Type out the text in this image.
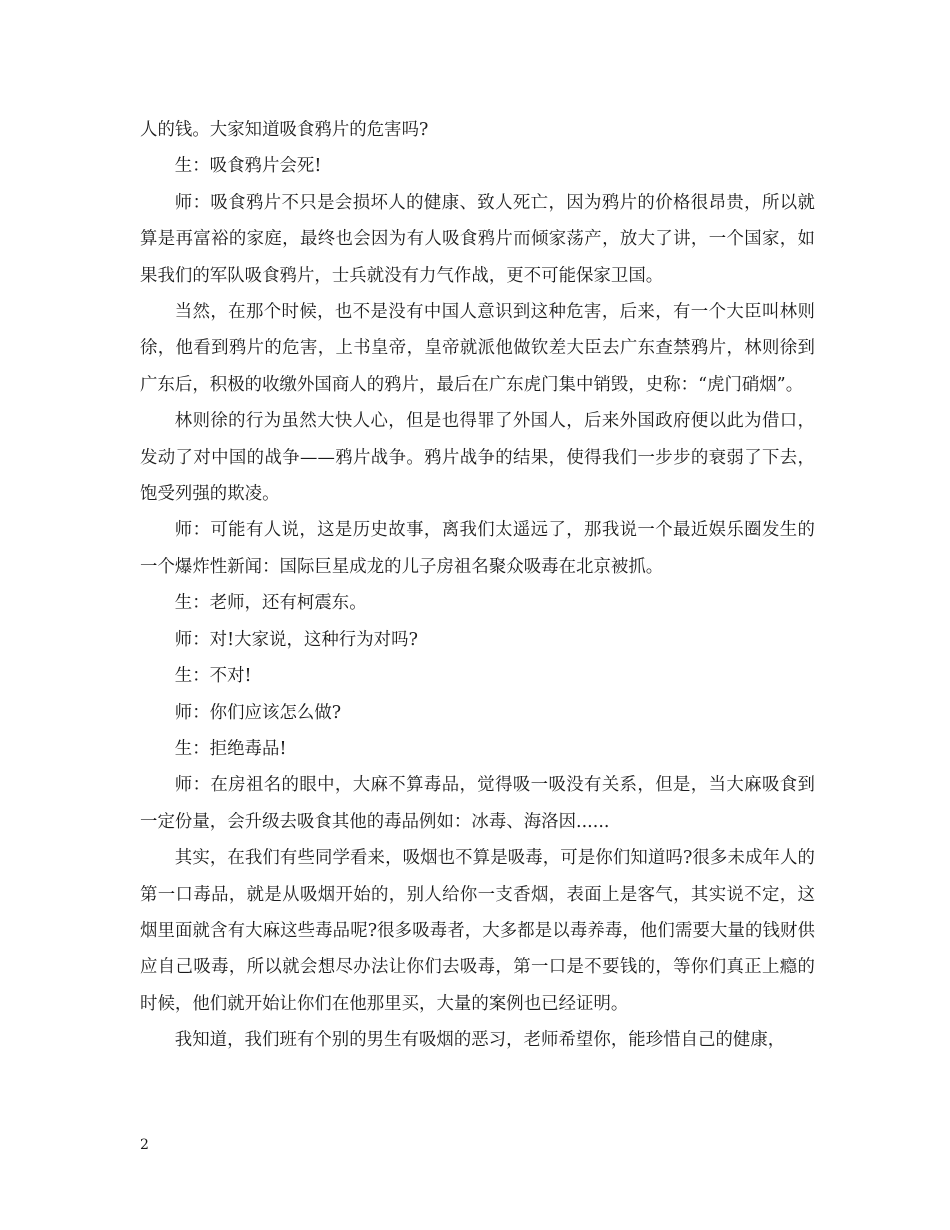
人的钱。大家知道吸食鸦片的危害吗?

生：吸食鸦片会死!

师：吸食鸦片不只是会损坏人的健康、致人死亡，因为鸦片的价格很昂贵，所以就算是再富裕的家庭，最终也会因为有人吸食鸦片而倾家荡产，放大了讲，一个国家，如果我们的军队吸食鸦片，士兵就没有力气作战，更不可能保家卫国。

当然，在那个时候，也不是没有中国人意识到这种危害，后来，有一个大臣叫林则徐，他看到鸦片的危害，上书皇帝，皇帝就派他做钦差大臣去广东查禁鸦片，林则徐到广东后，积极的收缴外国商人的鸦片，最后在广东虎门集中销毁，史称：“虎门硝烟”。

林则徐的行为虽然大快人心，但是也得罪了外国人，后来外国政府便以此为借口，发动了对中国的战争——鸦片战争。鸦片战争的结果，使得我们一步步的衰弱了下去，饱受列强的欺凌。

师：可能有人说，这是历史故事，离我们太遥远了，那我说一个最近娱乐圈发生的一个爆炸性新闻：国际巨星成龙的儿子房祖名聚众吸毒在北京被抓。

生：老师，还有柯震东。

师：对!大家说，这种行为对吗?

生：不对!

师：你们应该怎么做?

生：拒绝毒品!

师：在房祖名的眼中，大麻不算毒品，觉得吸一吸没有关系，但是，当大麻吸食到一定份量，会升级去吸食其他的毒品例如：冰毒、海洛因......

其实，在我们有些同学看来，吸烟也不算是吸毒，可是你们知道吗?很多未成年人的第一口毒品，就是从吸烟开始的，别人给你一支香烟，表面上是客气，其实说不定，这烟里面就含有大麻这些毒品呢?很多吸毒者，大多都是以毒养毒，他们需要大量的钱财供应自己吸毒，所以就会想尽办法让你们去吸毒，第一口是不要钱的，等你们真正上瘾的时候，他们就开始让你们在他那里买，大量的案例也已经证明。

我知道，我们班有个别的男生有吸烟的恶习，老师希望你，能珍惜自己的健康，

2
